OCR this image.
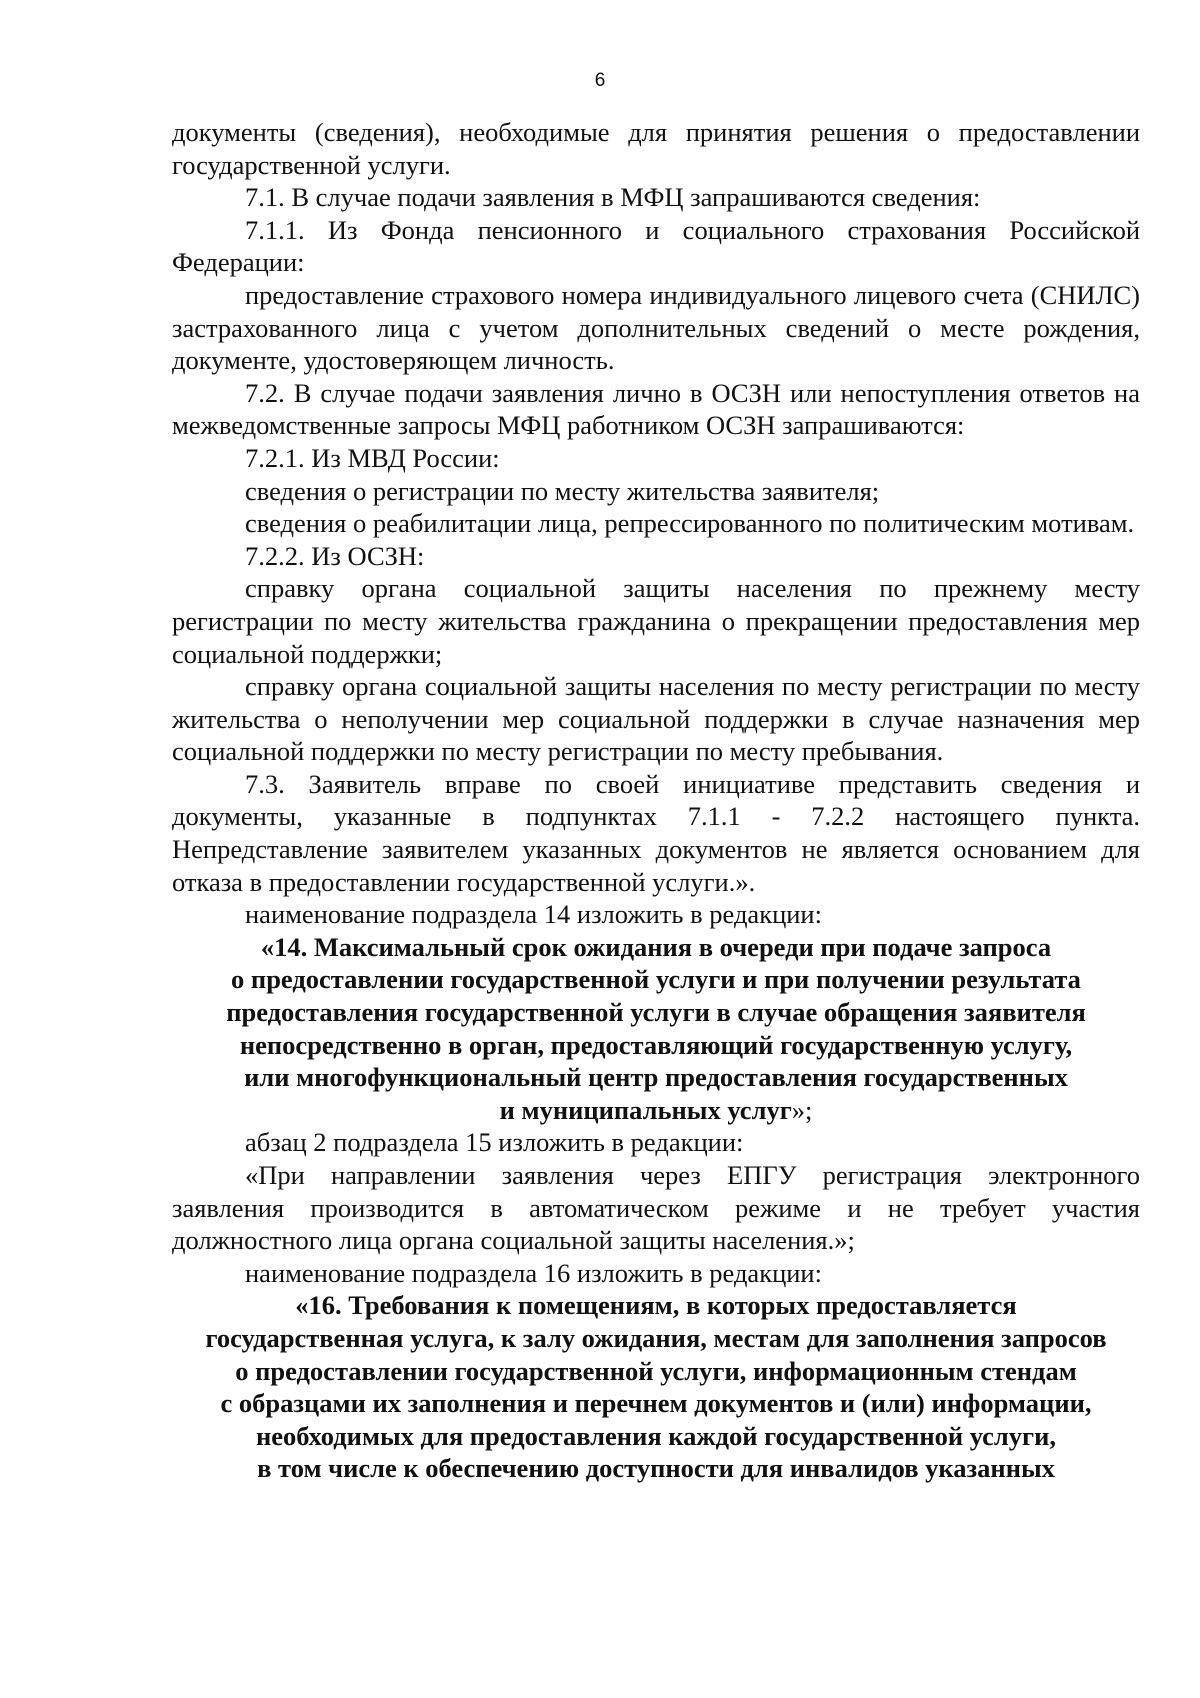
6

документы (сведения), необходимые для принятия решения о предоставлении государственной услуги.

7.1. В случае подачи заявления в МФЦ запрашиваются сведения:

7.1.1. Из Фонда пенсионного и социального страхования Российской Федерации:

предоставление страхового номера индивидуального лицевого счета (СНИЛС) застрахованного лица с учетом дополнительных сведений о месте рождения, документе, удостоверяющем личность.

7.2. В случае подачи заявления лично в ОСЗН или непоступления ответов на межведомственные запросы МФЦ работником ОСЗН запрашиваются:

7.2.1. Из МВД России:

сведения о регистрации по месту жительства заявителя;

сведения о реабилитации лица, репрессированного по политическим мотивам.

7.2.2. Из ОСЗН:

справку органа социальной защиты населения по прежнему месту регистрации по месту жительства гражданина о прекращении предоставления мер социальной поддержки;

справку органа социальной защиты населения по месту регистрации по месту жительства о неполучении мер социальной поддержки в случае назначения мер социальной поддержки по месту регистрации по месту пребывания.

7.3. Заявитель вправе по своей инициативе представить сведения и документы, указанные в подпунктах 7.1.1 - 7.2.2 настоящего пункта. Непредставление заявителем указанных документов не является основанием для отказа в предоставлении государственной услуги.».

наименование подраздела 14 изложить в редакции:

«14. Максимальный срок ожидания в очереди при подаче запроса
о предоставлении государственной услуги и при получении результата
предоставления государственной услуги в случае обращения заявителя
непосредственно в орган, предоставляющий государственную услугу,
или многофункциональный центр предоставления государственных
и муниципальных услуг»;

абзац 2 подраздела 15 изложить в редакции:

«При направлении заявления через ЕПГУ регистрация электронного заявления производится в автоматическом режиме и не требует участия должностного лица органа социальной защиты населения.»;

наименование подраздела 16 изложить в редакции:

«16. Требования к помещениям, в которых предоставляется
государственная услуга, к залу ожидания, местам для заполнения запросов
о предоставлении государственной услуги, информационным стендам
с образцами их заполнения и перечнем документов и (или) информации,
необходимых для предоставления каждой государственной услуги,
в том числе к обеспечению доступности для инвалидов указанных
